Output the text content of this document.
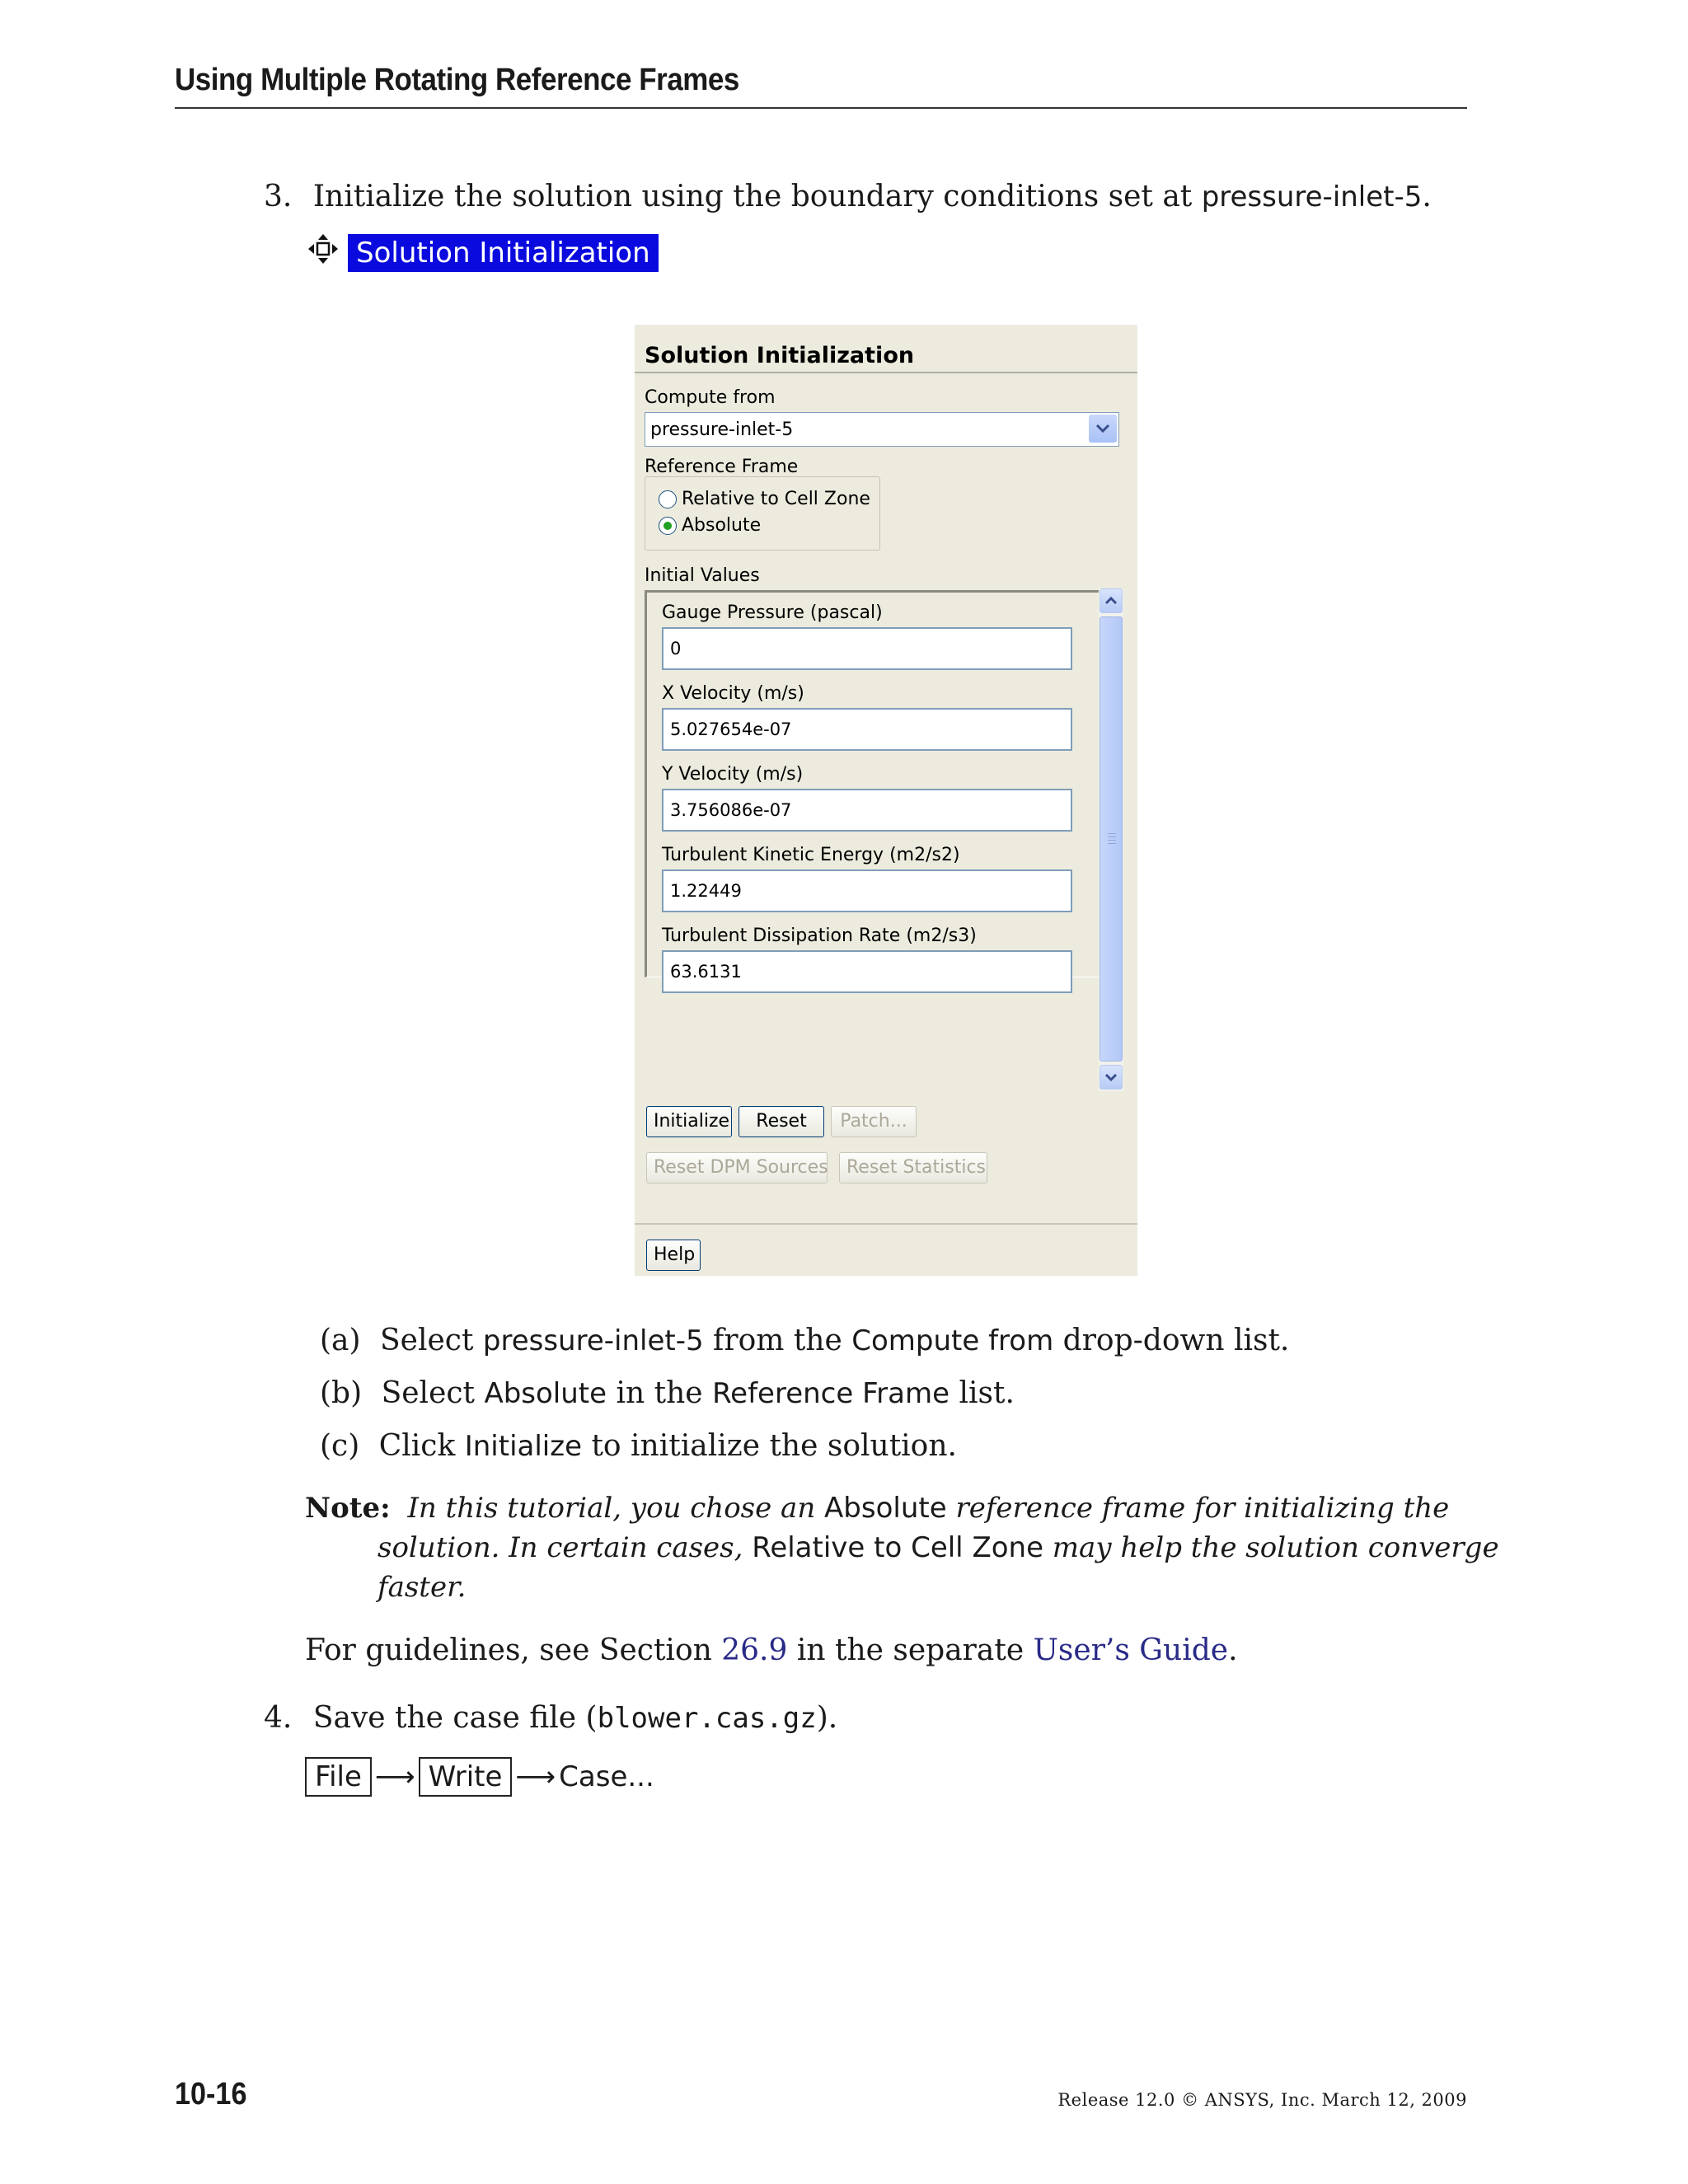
Using Multiple Rotating Reference Frames
3. Initialize the solution using the boundary conditions set at pressure-inlet-5.
Solution Initialization
Solution Initialization
Compute from
pressure-inlet-5
Reference Frame
Relative to Cell Zone
Absolute
Initial Values
Gauge Pressure (pascal)
0
X Velocity (m/s)
5.027654e-07
Y Velocity (m/s)
3.756086e-07
Turbulent Kinetic Energy (m2/s2)
1.22449
Turbulent Dissipation Rate (m2/s3)
63.6131
Initialize	Reset	Patch...
Reset DPM Sources	Reset Statistics
Help
(a) Select pressure-inlet-5 from the Compute from drop-down list.
(b) Select Absolute in the Reference Frame list.
(c) Click Initialize to initialize the solution.
Note: In this tutorial, you chose an Absolute reference frame for initializing the
solution. In certain cases, Relative to Cell Zone may help the solution converge
faster.
For guidelines, see Section 26.9 in the separate User’s Guide.
4. Save the case file (blower.cas.gz).
File ⟶ Write ⟶ Case...
10-16	Release 12.0 © ANSYS, Inc. March 12, 2009
